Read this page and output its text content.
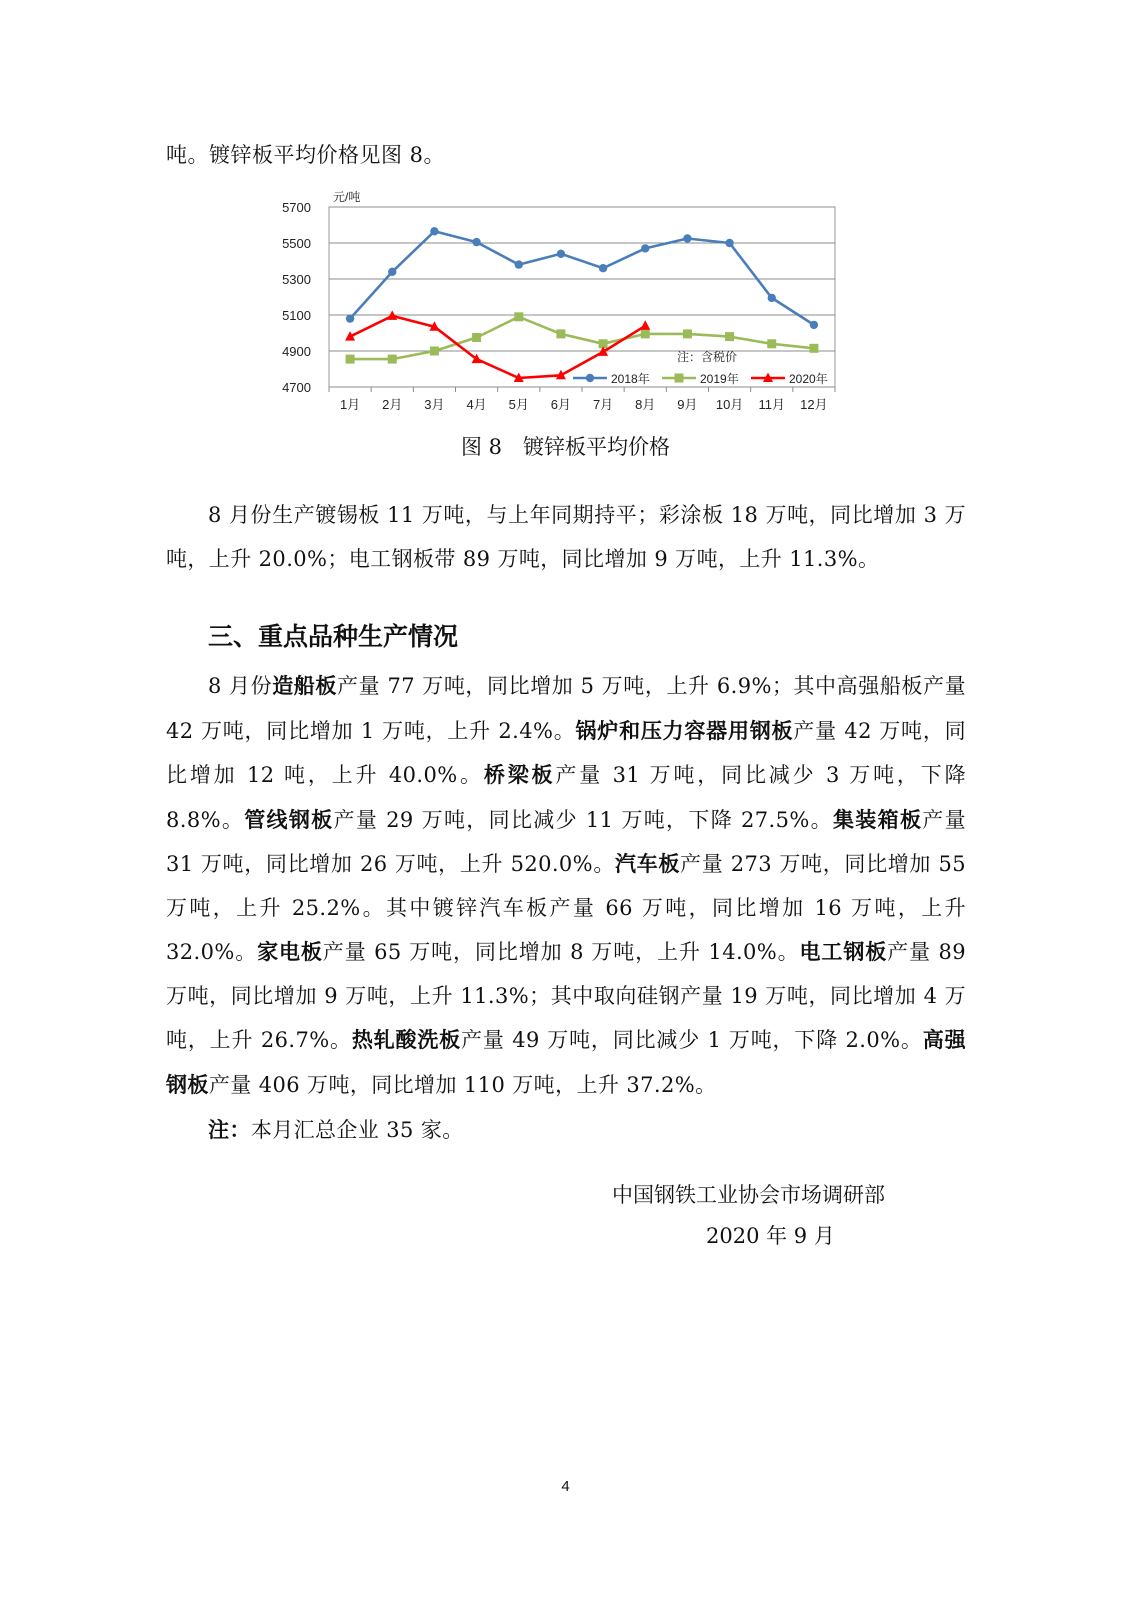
吨。镀锌板平均价格见图 8。
4700
4900
5100
5300
5500
5700
元/吨
1月 2月 3月 4月 5月 6月 7月 8月 9月 10月 11月 12月
注：含税价
2018年	2019年	2020年
图 8　镀锌板平均价格
8 月份生产镀锡板 11 万吨，与上年同期持平；彩涂板 18 万吨，同比增加 3 万吨，上升 20.0%；电工钢板带 89 万吨，同比增加 9 万吨，上升 11.3%。
三、重点品种生产情况
8 月份造船板产量 77 万吨，同比增加 5 万吨，上升 6.9%；其中高强船板产量 42 万吨，同比增加 1 万吨，上升 2.4%。锅炉和压力容器用钢板产量 42 万吨，同比增加 12 吨，上升 40.0%。桥梁板产量 31 万吨，同比减少 3 万吨，下降 8.8%。管线钢板产量 29 万吨，同比减少 11 万吨，下降 27.5%。集装箱板产量 31 万吨，同比增加 26 万吨，上升 520.0%。汽车板产量 273 万吨，同比增加 55 万吨，上升 25.2%。其中镀锌汽车板产量 66 万吨，同比增加 16 万吨，上升 32.0%。家电板产量 65 万吨，同比增加 8 万吨，上升 14.0%。电工钢板产量 89 万吨，同比增加 9 万吨，上升 11.3%；其中取向硅钢产量 19 万吨，同比增加 4 万吨，上升 26.7%。热轧酸洗板产量 49 万吨，同比减少 1 万吨，下降 2.0%。高强钢板产量 406 万吨，同比增加 110 万吨，上升 37.2%。
注：本月汇总企业 35 家。
中国钢铁工业协会市场调研部
2020 年 9 月
4
